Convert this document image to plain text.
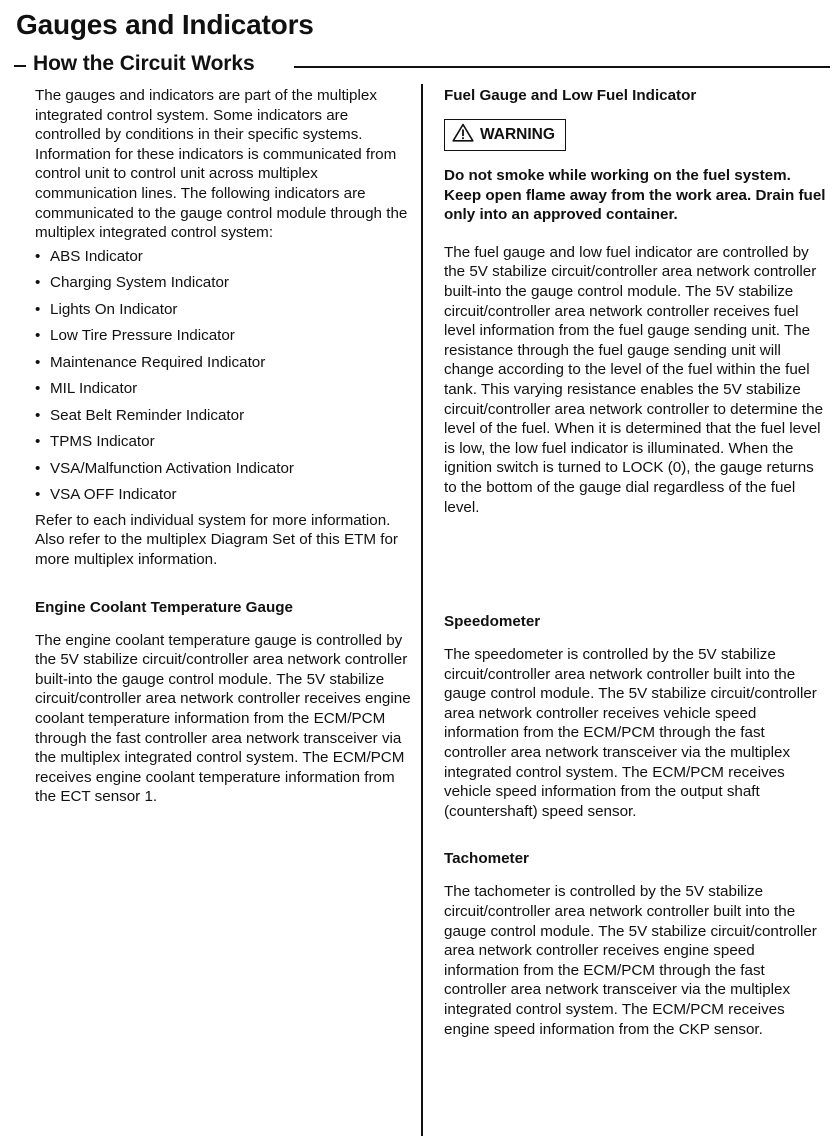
Gauges and Indicators
How the Circuit Works

The gauges and indicators are part of the multiplex integrated control system. Some indicators are controlled by conditions in their specific systems. Information for these indicators is communicated from control unit to control unit across multiplex communication lines. The following indicators are communicated to the gauge control module through the multiplex integrated control system:

• ABS Indicator
• Charging System Indicator
• Lights On Indicator
• Low Tire Pressure Indicator
• Maintenance Required Indicator
• MIL Indicator
• Seat Belt Reminder Indicator
• TPMS Indicator
• VSA/Malfunction Activation Indicator
• VSA OFF Indicator

Refer to each individual system for more information. Also refer to the multiplex Diagram Set of this ETM for more multiplex information.

Engine Coolant Temperature Gauge

The engine coolant temperature gauge is controlled by the 5V stabilize circuit/controller area network controller built-into the gauge control module. The 5V stabilize circuit/controller area network controller receives engine coolant temperature information from the ECM/PCM through the fast controller area network transceiver via the multiplex integrated control system. The ECM/PCM receives engine coolant temperature information from the ECT sensor 1.

Fuel Gauge and Low Fuel Indicator
WARNING

Do not smoke while working on the fuel system. Keep open flame away from the work area. Drain fuel only into an approved container.

The fuel gauge and low fuel indicator are controlled by the 5V stabilize circuit/controller area network controller built-into the gauge control module. The 5V stabilize circuit/controller area network controller receives fuel level information from the fuel gauge sending unit. The resistance through the fuel gauge sending unit will change according to the level of the fuel within the fuel tank. This varying resistance enables the 5V stabilize circuit/controller area network controller to determine the level of the fuel. When it is determined that the fuel level is low, the low fuel indicator is illuminated. When the ignition switch is turned to LOCK (0), the gauge returns to the bottom of the gauge dial regardless of the fuel level.

Speedometer

The speedometer is controlled by the 5V stabilize circuit/controller area network controller built into the gauge control module. The 5V stabilize circuit/controller area network controller receives vehicle speed information from the ECM/PCM through the fast controller area network transceiver via the multiplex integrated control system. The ECM/PCM receives vehicle speed information from the output shaft (countershaft) speed sensor.

Tachometer

The tachometer is controlled by the 5V stabilize circuit/controller area network controller built into the gauge control module. The 5V stabilize circuit/controller area network controller receives engine speed information from the ECM/PCM through the fast controller area network transceiver via the multiplex integrated control system. The ECM/PCM receives engine speed information from the CKP sensor.
